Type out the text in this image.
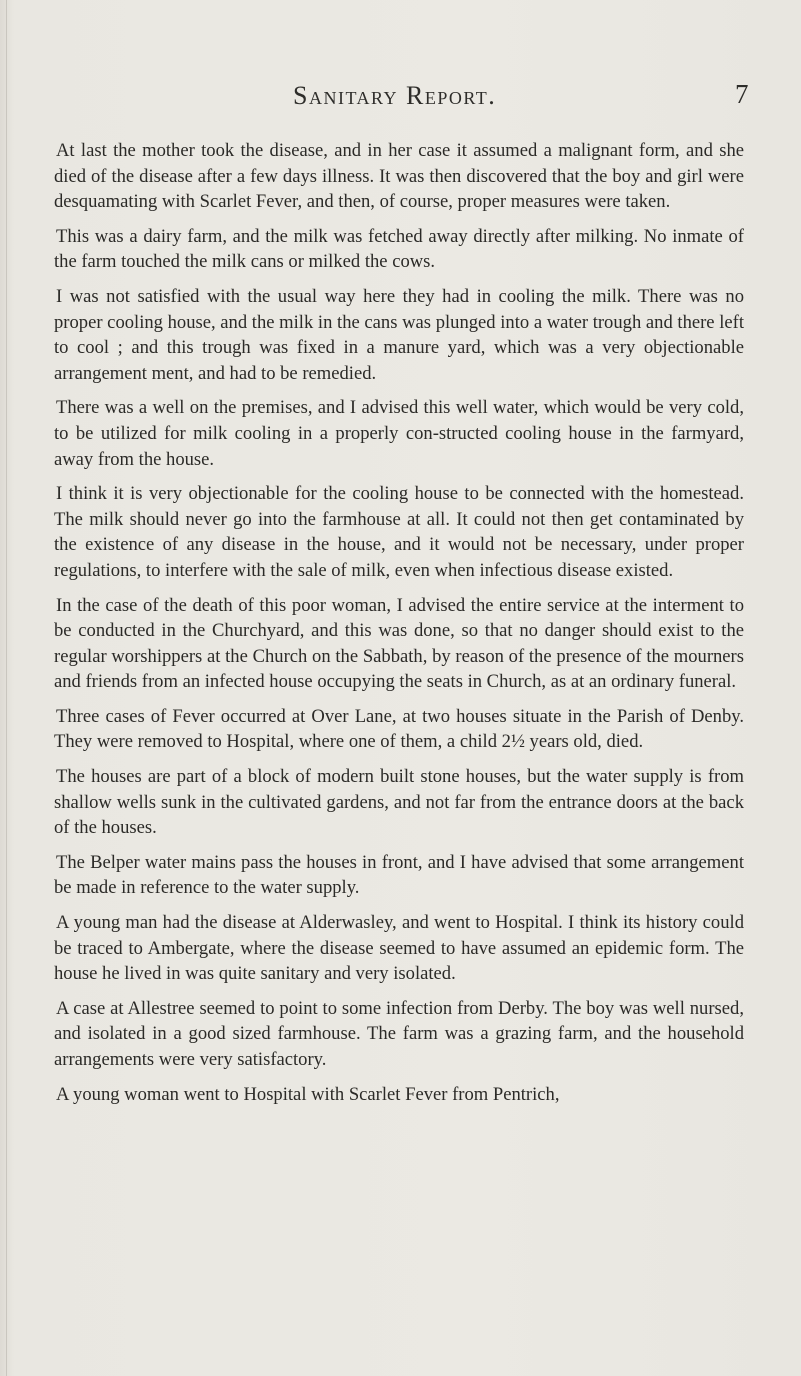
Sanitary Report.	7

At last the mother took the disease, and in her case it assumed a malignant form, and she died of the disease after a few days illness. It was then discovered that the boy and girl were desquamating with Scarlet Fever, and then, of course, proper measures were taken.

This was a dairy farm, and the milk was fetched away directly after milking. No inmate of the farm touched the milk cans or milked the cows.

I was not satisfied with the usual way here they had in cooling the milk. There was no proper cooling house, and the milk in the cans was plunged into a water trough and there left to cool ; and this trough was fixed in a manure yard, which was a very objectionable arrangement ment, and had to be remedied.

There was a well on the premises, and I advised this well water, which would be very cold, to be utilized for milk cooling in a properly con-structed cooling house in the farmyard, away from the house.

I think it is very objectionable for the cooling house to be connected with the homestead. The milk should never go into the farmhouse at all. It could not then get contaminated by the existence of any disease in the house, and it would not be necessary, under proper regulations, to interfere with the sale of milk, even when infectious disease existed.

In the case of the death of this poor woman, I advised the entire service at the interment to be conducted in the Churchyard, and this was done, so that no danger should exist to the regular worshippers at the Church on the Sabbath, by reason of the presence of the mourners and friends from an infected house occupying the seats in Church, as at an ordinary funeral.

Three cases of Fever occurred at Over Lane, at two houses situate in the Parish of Denby. They were removed to Hospital, where one of them, a child 2½ years old, died.

The houses are part of a block of modern built stone houses, but the water supply is from shallow wells sunk in the cultivated gardens, and not far from the entrance doors at the back of the houses.

The Belper water mains pass the houses in front, and I have advised that some arrangement be made in reference to the water supply.

A young man had the disease at Alderwasley, and went to Hospital. I think its history could be traced to Ambergate, where the disease seemed to have assumed an epidemic form. The house he lived in was quite sanitary and very isolated.

A case at Allestree seemed to point to some infection from Derby. The boy was well nursed, and isolated in a good sized farmhouse. The farm was a grazing farm, and the household arrangements were very satisfactory.

A young woman went to Hospital with Scarlet Fever from Pentrich,
